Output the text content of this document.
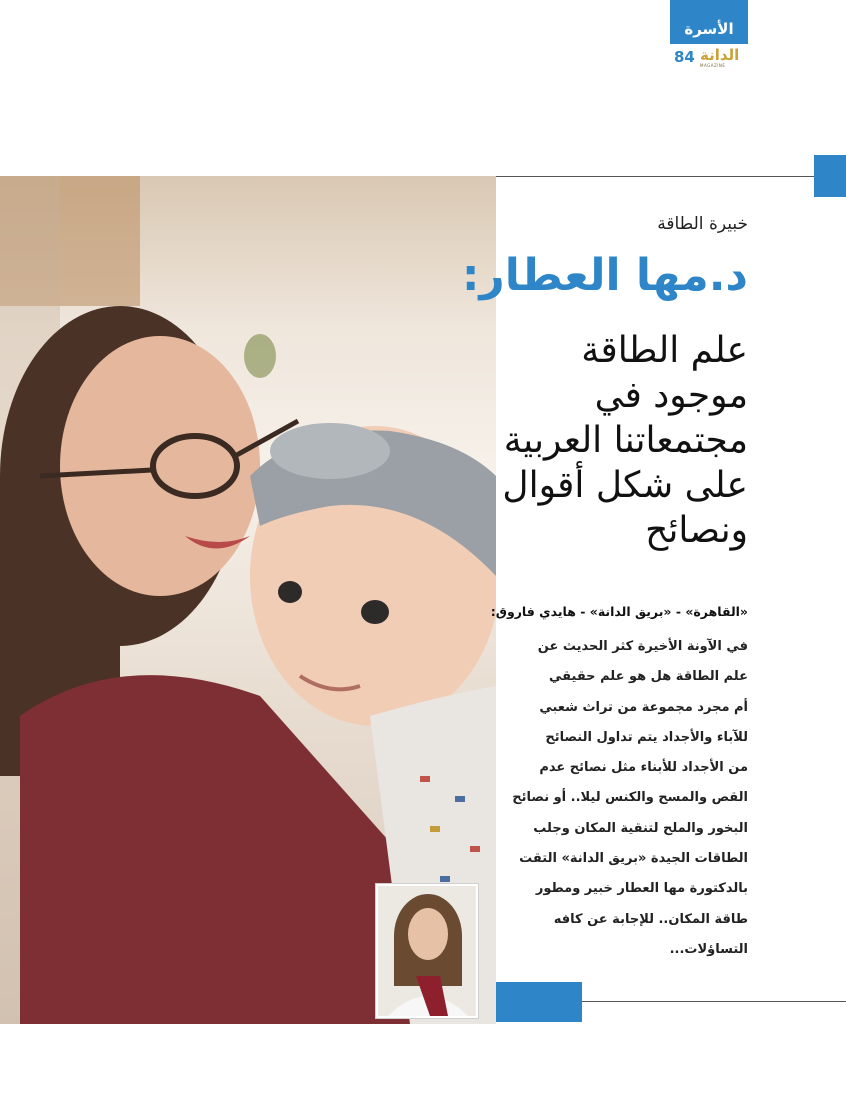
الأسرة
84 الدانة
MAGAZINE
خبيرة الطاقة
د.مها العطار:
علم الطاقة
موجود في
مجتمعاتنا العربية
على شكل أقوال
ونصائح
«القاهرة» - «بريق الدانة» - هايدي فاروق:
في الآونة الأخيرة كثر الحديث عن
علم الطاقة هل هو علم حقيقي
أم مجرد مجموعة من تراث شعبي
للآباء والأجداد يتم تداول النصائح
من الأجداد للأبناء مثل نصائح عدم
القص والمسح والكنس ليلا.. أو نصائح
البخور والملح لتنقية المكان وجلب
الطاقات الجيدة «بريق الدانة» التقت
بالدكتورة مها العطار خبير ومطور
طاقة المكان.. للإجابة عن كافه
التساؤلات...
